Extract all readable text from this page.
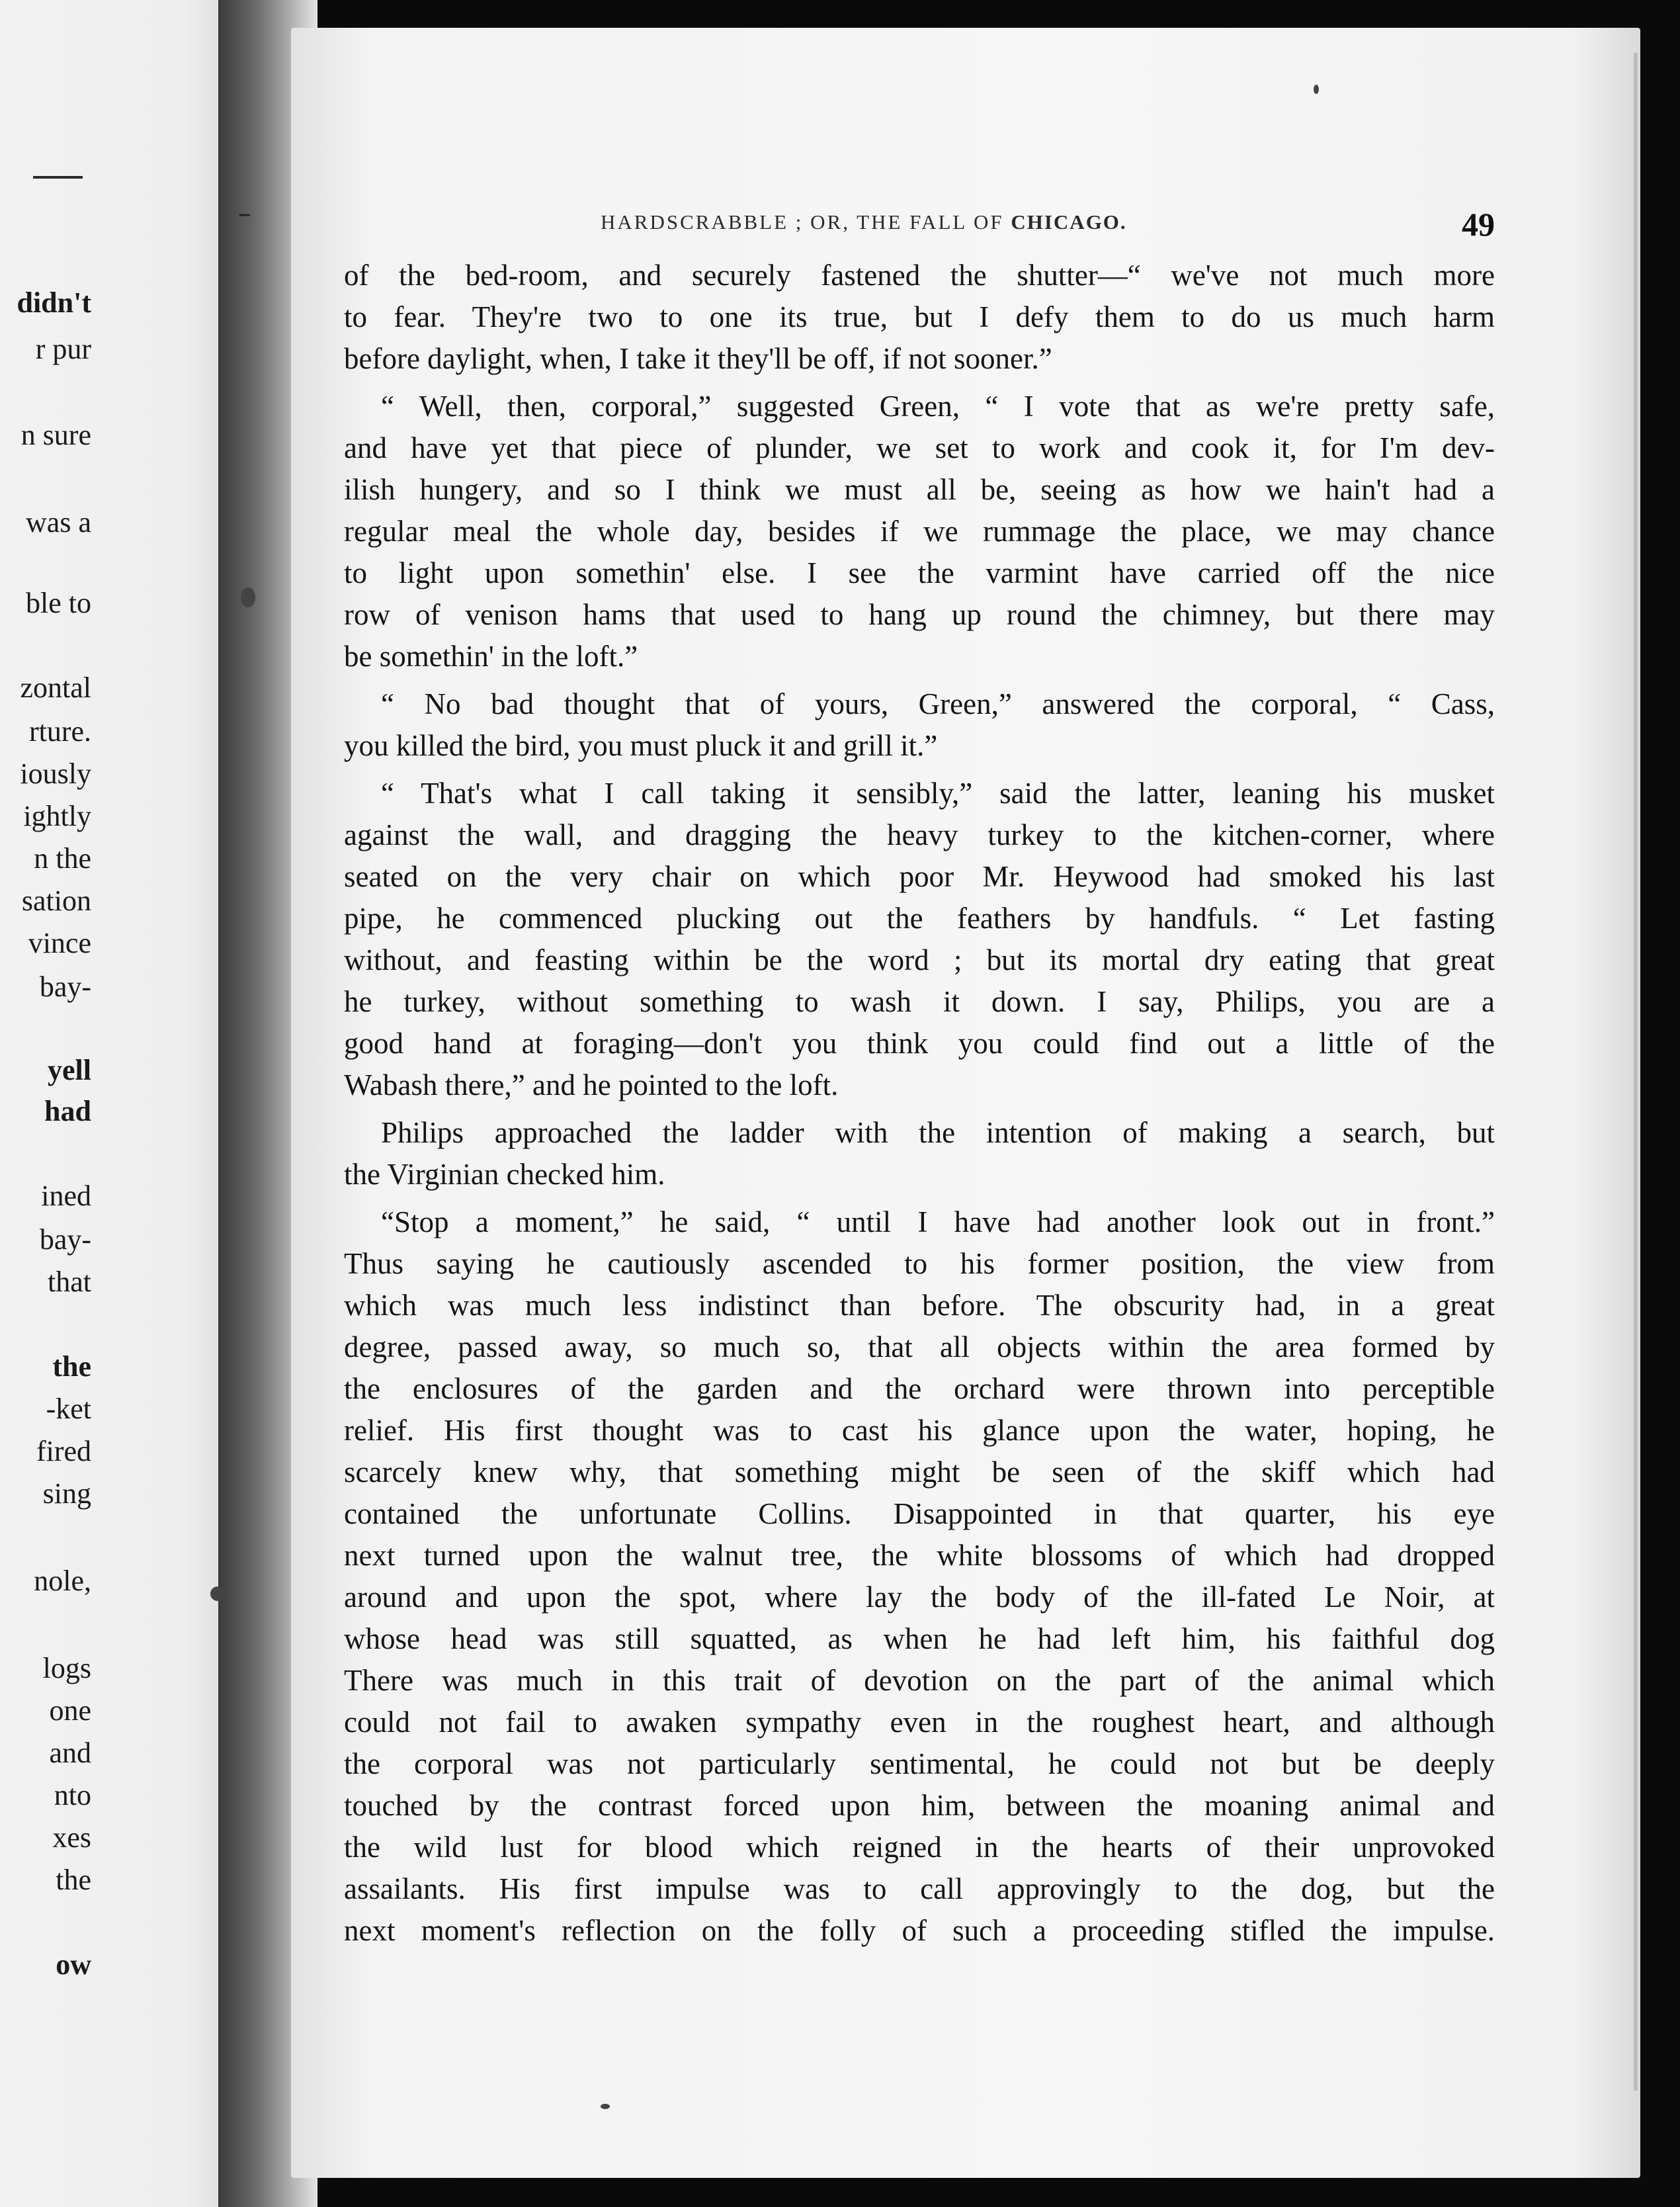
didn't
r pur
n sure
was a
ble to
zontal
rture.
iously
ightly
n the
sation
vince
bay-
yell
had
ined
bay-
that
the
-ket
fired
sing
nole,
logs
one
and
nto
xes
the
ow
HARDSCRABBLE ; OR, THE FALL OF CHICAGO.	49
of the bed-room, and securely fastened the shutter—“ we've not much more
to fear. They're two to one its true, but I defy them to do us much harm
before daylight, when, I take it they'll be off, if not sooner.”
“ Well, then, corporal,” suggested Green, “ I vote that as we're pretty safe,
and have yet that piece of plunder, we set to work and cook it, for I'm dev-
ilish hungery, and so I think we must all be, seeing as how we hain't had a
regular meal the whole day, besides if we rummage the place, we may chance
to light upon somethin' else. I see the varmint have carried off the nice
row of venison hams that used to hang up round the chimney, but there may
be somethin' in the loft.”
“ No bad thought that of yours, Green,” answered the corporal, “ Cass,
you killed the bird, you must pluck it and grill it.”
“ That's what I call taking it sensibly,” said the latter, leaning his musket
against the wall, and dragging the heavy turkey to the kitchen-corner, where
seated on the very chair on which poor Mr. Heywood had smoked his last
pipe, he commenced plucking out the feathers by handfuls. “ Let fasting
without, and feasting within be the word ; but its mortal dry eating that great
he turkey, without something to wash it down. I say, Philips, you are a
good hand at foraging—don't you think you could find out a little of the
Wabash there,” and he pointed to the loft.
Philips approached the ladder with the intention of making a search, but
the Virginian checked him.
“Stop a moment,” he said, “ until I have had another look out in front.”
Thus saying he cautiously ascended to his former position, the view from
which was much less indistinct than before. The obscurity had, in a great
degree, passed away, so much so, that all objects within the area formed by
the enclosures of the garden and the orchard were thrown into perceptible
relief. His first thought was to cast his glance upon the water, hoping, he
scarcely knew why, that something might be seen of the skiff which had
contained the unfortunate Collins. Disappointed in that quarter, his eye
next turned upon the walnut tree, the white blossoms of which had dropped
around and upon the spot, where lay the body of the ill-fated Le Noir, at
whose head was still squatted, as when he had left him, his faithful dog
There was much in this trait of devotion on the part of the animal which
could not fail to awaken sympathy even in the roughest heart, and although
the corporal was not particularly sentimental, he could not but be deeply
touched by the contrast forced upon him, between the moaning animal and
the wild lust for blood which reigned in the hearts of their unprovoked
assailants. His first impulse was to call approvingly to the dog, but the
next moment's reflection on the folly of such a proceeding stifled the impulse.
–
